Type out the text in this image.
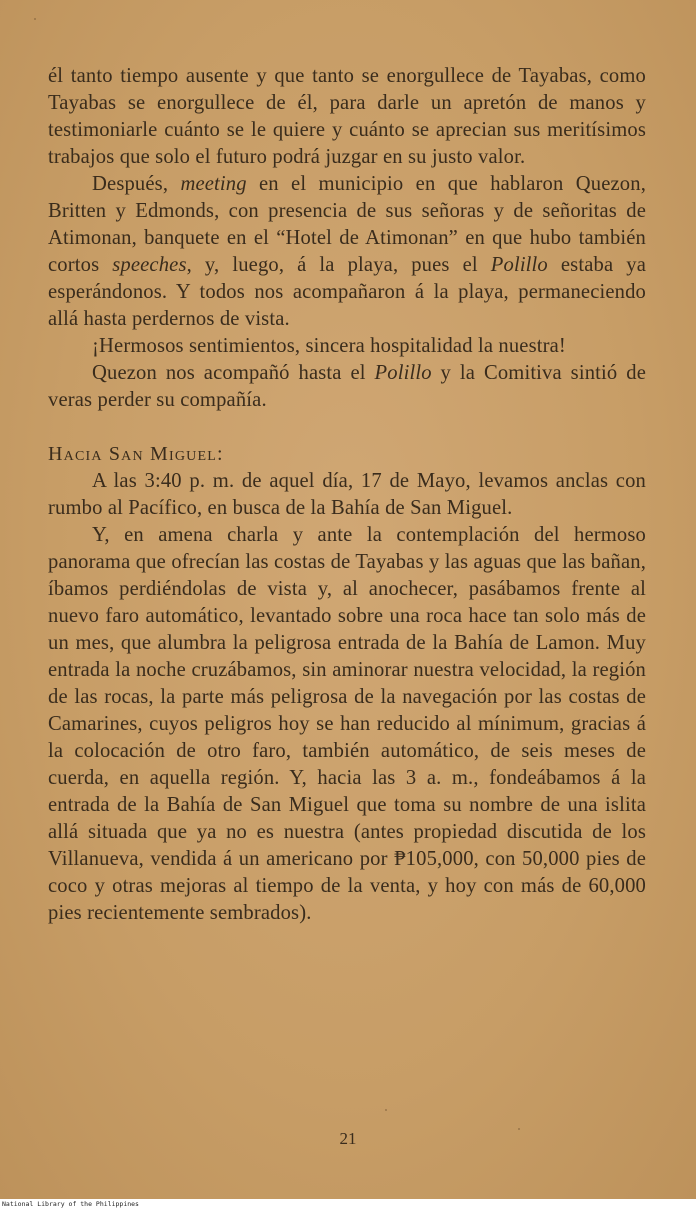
él tanto tiempo ausente y que tanto se enorgullece de Tayabas, como Tayabas se enorgullece de él, para darle un apretón de manos y testimoniarle cuánto se le quiere y cuánto se aprecian sus meritísimos trabajos que solo el futuro podrá juzgar en su justo valor.

Después, meeting en el municipio en que hablaron Quezon, Britten y Edmonds, con presencia de sus señoras y de señoritas de Atimonan, banquete en el “Hotel de Atimonan” en que hubo también cortos speeches, y, luego, á la playa, pues el Polillo estaba ya esperándonos. Y todos nos acompañaron á la playa, permaneciendo allá hasta perdernos de vista.

¡Hermosos sentimientos, sincera hospitalidad la nuestra!

Quezon nos acompañó hasta el Polillo y la Comitiva sintió de veras perder su compañía.

Hacia San Miguel:

A las 3:40 p. m. de aquel día, 17 de Mayo, levamos anclas con rumbo al Pacífico, en busca de la Bahía de San Miguel.

Y, en amena charla y ante la contemplación del hermoso panorama que ofrecían las costas de Tayabas y las aguas que las bañan, íbamos perdiéndolas de vista y, al anochecer, pasábamos frente al nuevo faro automático, levantado sobre una roca hace tan solo más de un mes, que alumbra la peligrosa entrada de la Bahía de Lamon. Muy entrada la noche cruzábamos, sin aminorar nuestra velocidad, la región de las rocas, la parte más peligrosa de la navegación por las costas de Camarines, cuyos peligros hoy se han reducido al mínimum, gracias á la colocación de otro faro, también automático, de seis meses de cuerda, en aquella región. Y, hacia las 3 a. m., fondeábamos á la entrada de la Bahía de San Miguel que toma su nombre de una islita allá situada que ya no es nuestra (antes propiedad discutida de los Villanueva, vendida á un americano por ₱105,000, con 50,000 pies de coco y otras mejoras al tiempo de la venta, y hoy con más de 60,000 pies recientemente sembrados).

21
National Library of the Philippines
